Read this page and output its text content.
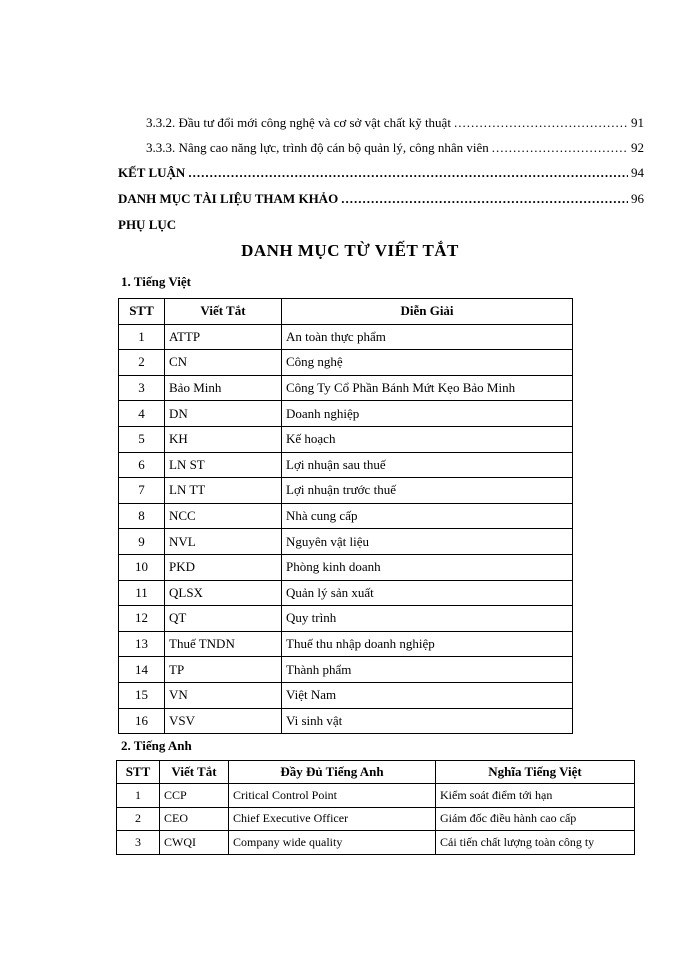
3.3.2. Đầu tư đổi mới công nghệ và cơ sở vật chất kỹ thuật .....	91
3.3.3. Nâng cao năng lực, trình độ cán bộ quản lý, công nhân viên .....	92
KẾT LUẬN .....	94
DANH MỤC TÀI LIỆU THAM KHẢO .....	96
PHỤ LỤC
DANH MỤC TỪ VIẾT TẮT
1. Tiếng Việt
STT	Viết Tắt	Diễn Giải
1	ATTP	An toàn thực phẩm
2	CN	Công nghệ
3	Bảo Minh	Công Ty Cổ Phần Bánh Mứt Kẹo Bảo Minh
4	DN	Doanh nghiệp
5	KH	Kế hoạch
6	LN ST	Lợi nhuận sau thuế
7	LN TT	Lợi nhuận trước thuế
8	NCC	Nhà cung cấp
9	NVL	Nguyên vật liệu
10	PKD	Phòng kinh doanh
11	QLSX	Quản lý sản xuất
12	QT	Quy trình
13	Thuế TNDN	Thuế thu nhập doanh nghiệp
14	TP	Thành phẩm
15	VN	Việt Nam
16	VSV	Vi sinh vật
2. Tiếng Anh
STT	Viết Tắt	Đầy Đủ Tiếng Anh	Nghĩa Tiếng Việt
1	CCP	Critical Control Point	Kiểm soát điểm tới hạn
2	CEO	Chief Executive Officer	Giám đốc điều hành cao cấp
3	CWQI	Company wide quality	Cải tiến chất lượng toàn công ty
